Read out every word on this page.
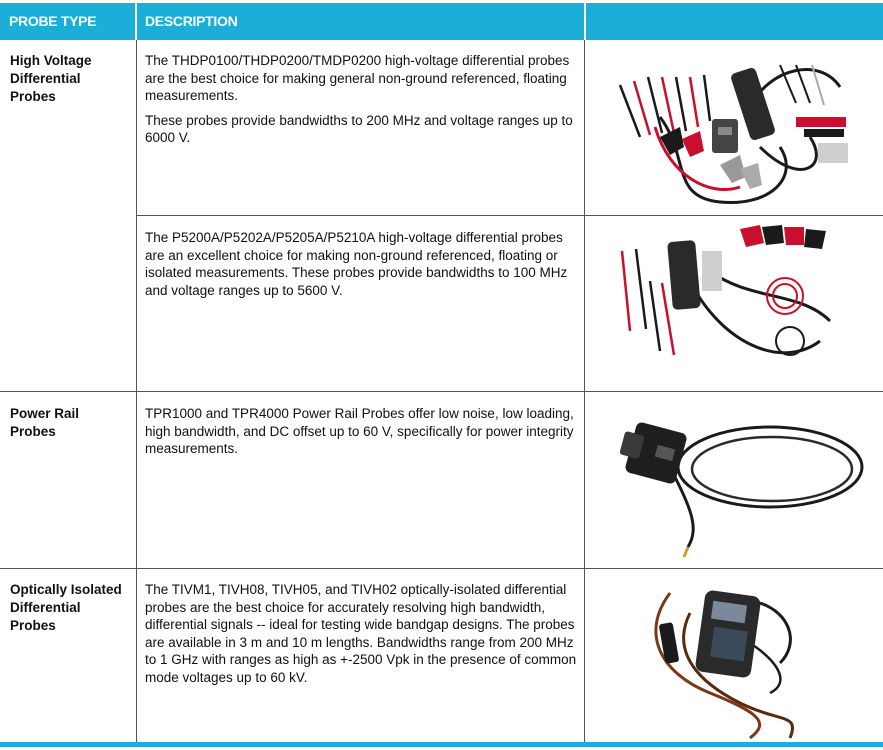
PROBE TYPE	DESCRIPTION
High Voltage
Differential
Probes

The THDP0100/THDP0200/TMDP0200 high-voltage differential probes are the best choice for making general non-ground referenced, floating measurements.

These probes provide bandwidths to 200 MHz and voltage ranges up to 6000 V.

The P5200A/P5202A/P5205A/P5210A high-voltage differential probes are an excellent choice for making non-ground referenced, floating or isolated measurements. These probes provide bandwidths to 100 MHz and voltage ranges up to 5600 V.

Power Rail Probes

TPR1000 and TPR4000 Power Rail Probes offer low noise, low loading, high bandwidth, and DC offset up to 60 V, specifically for power integrity measurements.

Optically Isolated
Differential
Probes

The TIVM1, TIVH08, TIVH05, and TIVH02 optically-isolated differential probes are the best choice for accurately resolving high bandwidth, differential signals -- ideal for testing wide bandgap designs. The probes are available in 3 m and 10 m lengths. Bandwidths range from 200 MHz to 1 GHz with ranges as high as +-2500 Vpk in the presence of common mode voltages up to 60 kV.
